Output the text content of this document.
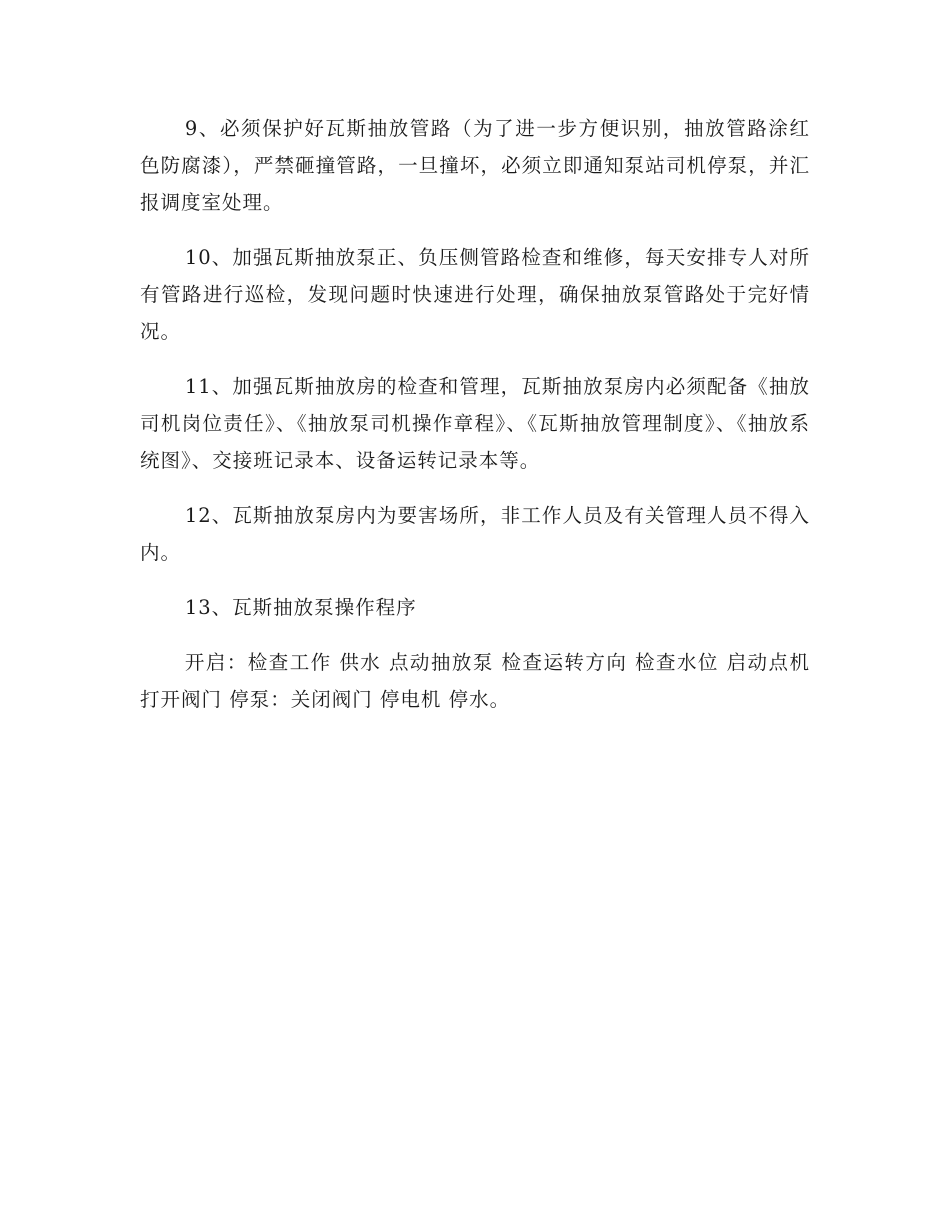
9、必须保护好瓦斯抽放管路（为了进一步方便识别，抽放管路涂红色防腐漆），严禁砸撞管路，一旦撞坏，必须立即通知泵站司机停泵，并汇报调度室处理。

10、加强瓦斯抽放泵正、负压侧管路检查和维修，每天安排专人对所有管路进行巡检，发现问题时快速进行处理，确保抽放泵管路处于完好情况。

11、加强瓦斯抽放房的检查和管理，瓦斯抽放泵房内必须配备《抽放司机岗位责任》、《抽放泵司机操作章程》、《瓦斯抽放管理制度》、《抽放系统图》、交接班记录本、设备运转记录本等。

12、瓦斯抽放泵房内为要害场所，非工作人员及有关管理人员不得入内。

13、瓦斯抽放泵操作程序

开启：检查工作 供水 点动抽放泵 检查运转方向 检查水位 启动点机 打开阀门 停泵：关闭阀门 停电机 停水。
